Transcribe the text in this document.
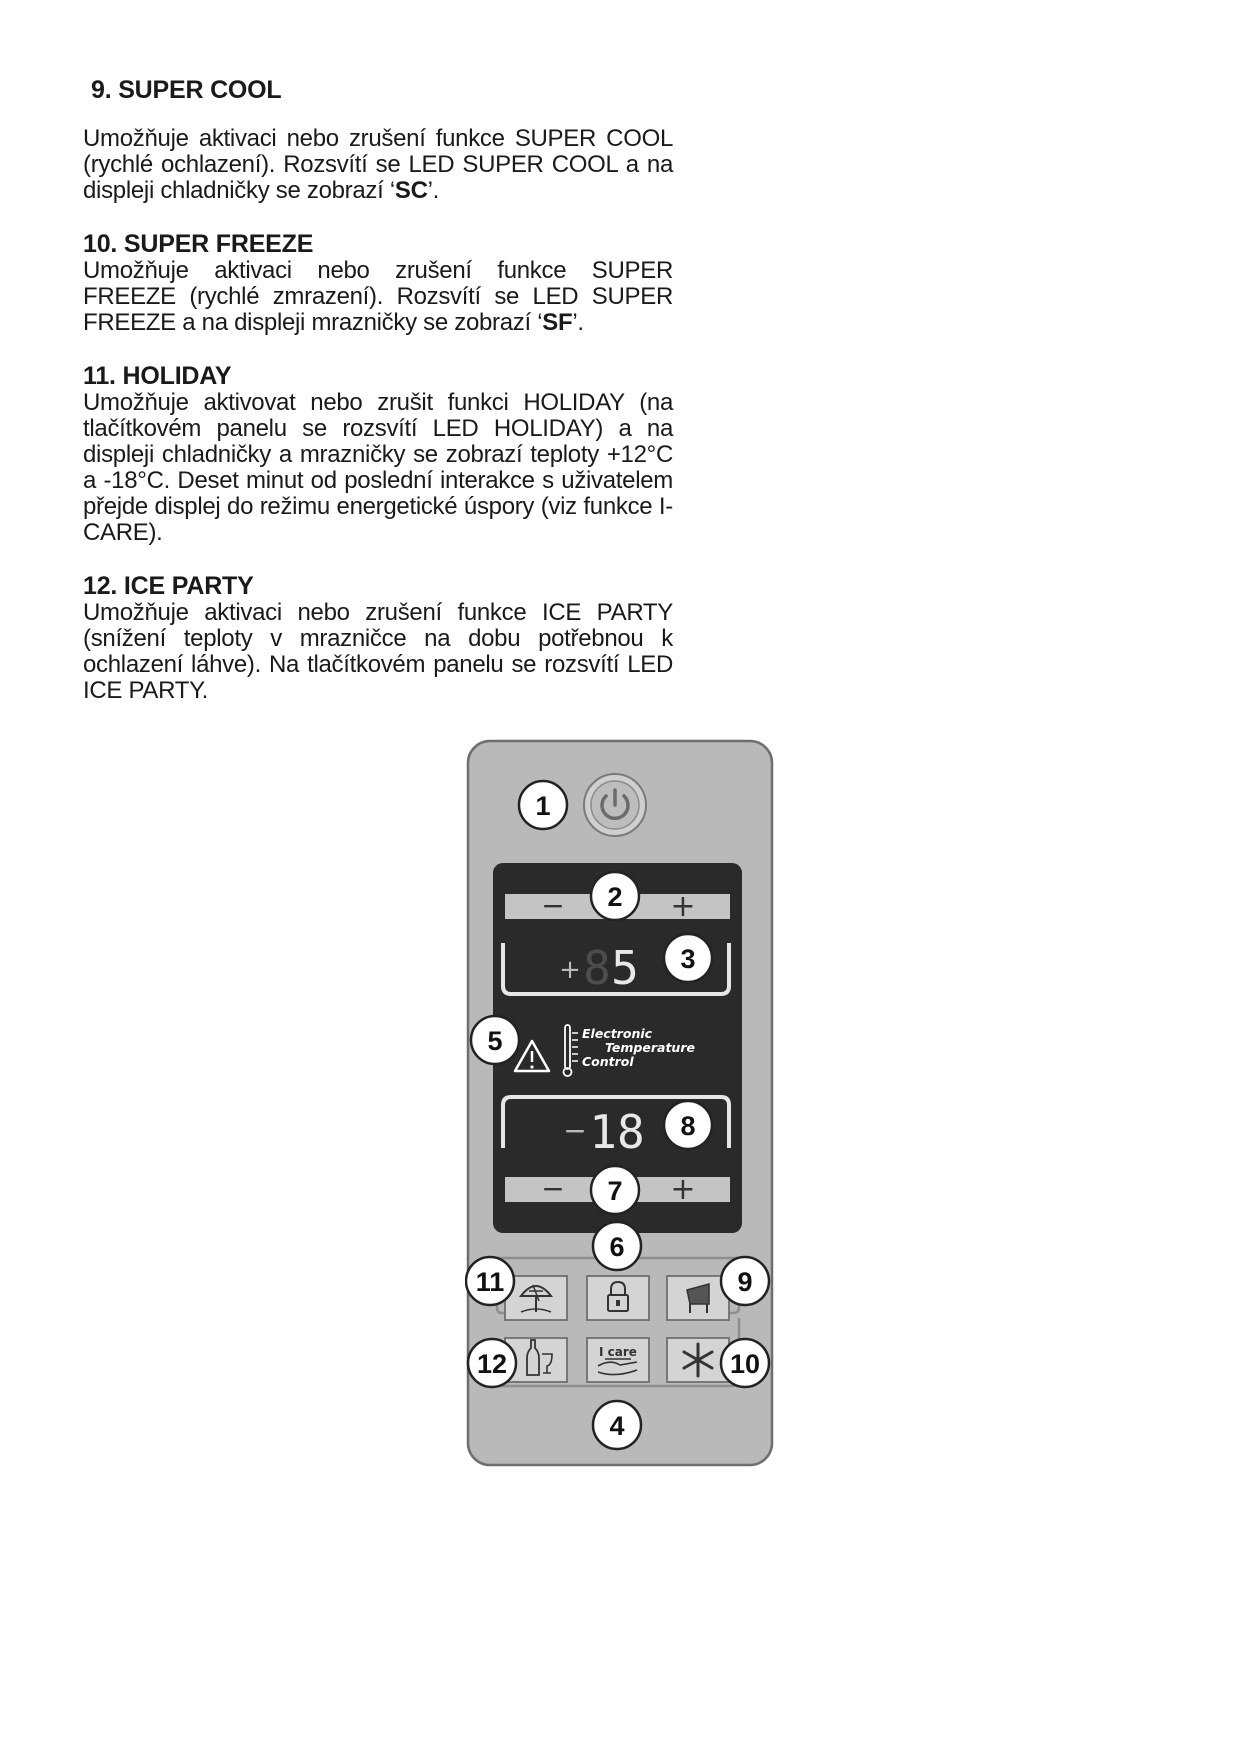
9. SUPER COOL

Umožňuje aktivaci nebo zrušení funkce SUPER COOL (rychlé ochlazení). Rozsvítí se LED SUPER COOL a na displeji chladničky se zobrazí ‘SC’.

10. SUPER FREEZE

Umožňuje aktivaci nebo zrušení funkce SUPER FREEZE (rychlé zmrazení). Rozsvítí se LED SUPER FREEZE a na displeji mrazničky se zobrazí ‘SF’.

11. HOLIDAY

Umožňuje aktivovat nebo zrušit funkci HOLIDAY (na tlačítkovém panelu se rozsvítí LED HOLIDAY) a na displeji chladničky a mrazničky se zobrazí teploty +12°C a -18°C. Deset minut od poslední interakce s uživatelem přejde displej do režimu energetické úspory (viz funkce I-CARE).

12. ICE PARTY

Umožňuje aktivaci nebo zrušení funkce ICE PARTY (snížení teploty v mrazničce na dobu potřebnou k ochlazení láhve). Na tlačítkovém panelu se rozsvítí LED ICE PARTY.

−	+
+ 8 5
Electronic
Temperature
Control
− 18
−	+
I care
1
2
3
5
8
7
6
11	9
12	10
4
